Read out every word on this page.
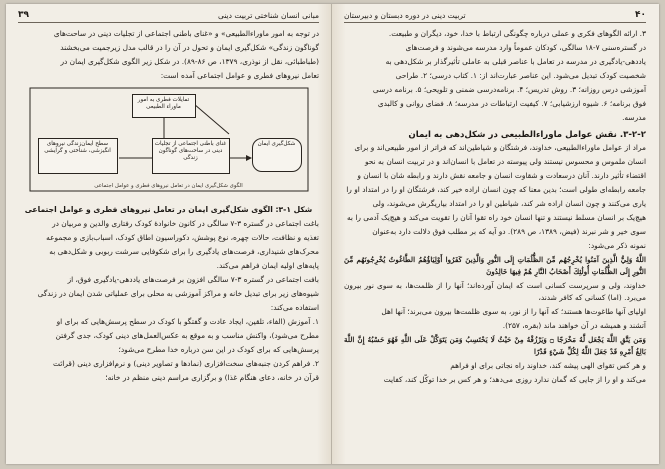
مبانی انسان شناختی تربیت دینی
۳۹

در توجه به امور ماوراءالطبیعی» و «غنای باطنی اجتماعی از تجلیات دینی در ساحت‌های

گوناگون زندگی» شکل‌گیری ایمان و تحول در آن را در قالب مدل زیرجمیت می‌بخشند

(طباطبائی، نقل از نوذری، ۱۳۷۹، ص ۸۶-۸۹). در شکل زیر الگوی شکل‌گیری ایمان در

تعامل نیروهای فطری و عوامل اجتماعی آمده است:

تمایلات فطری به امور ماوراء الطبیعی
شکل‌گیری ایمان
سطح ایمان‌زندگی نیروهای انگیزشی، شناختی و گرایشی
غنای باطنی اجتماعی از تجلیات دینی در ساحت‌های گوناگون زندگی
الگوی شکل‌گیری ایمان در تعامل نیروهای فطری و عوامل اجتماعی
شکل ۱-۳: الگوی شکل‌گیری ایمان در تعامل نیروهای فطری و عوامل اجتماعی

باغت اجتماعی در گستره ۳-۷ سالگی در کانون خانوادهٔ کودک رفتاری والدین و مربیان در

تغذیه و نظافت، حالات چهره، نوع پوشش، دکوراسیون اطاق کودک، اسباب‌بازی و مجموعه

محرک‌های شنیداری، فرصت‌های یادگیری را برای شکوفایی سرشت ربوبی و شکل‌دهی به

پایه‌های اولیه ایمان فراهم می‌کند.

بافت اجتماعی در گستره ۳-۷ سالگی افزون بر فرصت‌های یاددهی-یادگیری فوق، از

شیوه‌های زیر برای تبدیل خانه و مراکز آموزشی به محلی برای عملیاتی شدن ایمان در زندگی

استفاده می‌کند:

۱. آموزش (الفاء، تلقین، ایجاد عادت و گفتگو با کودک در سطح پرسش‌هایی که برای او

مطرح می‌شود)، واکنش مناسب و به موقع به عکس‌العمل‌های دینی کودک، جدی گرفتن

پرسش‌هایی که برای کودک در این سن درباره خدا مطرح می‌شود؛

۲. فراهم کردن جنبه‌های سخت‌افزاری (نمادها و تصاویر دینی) و نرم‌افزاری دینی (قرائت

قرآن در خانه، دعای هنگام غذا) و برگزاری مراسم دینی منظم در خانه؛

۴۰
تربیت دینی در دوره دبستان و دبیرستان

۳. ارائه الگوهای فکری و عملی درباره چگونگی ارتباط با خدا، خود، دیگران و طبیعت.

در گستره‌سنی ۷-۱۸ سالگی، کودکان عموماً وارد مدرسه می‌شوند و فرصت‌های

یاددهی-یادگیری در مدرسه در تعامل با عناصر قبلی به عاملی تأثیرگذار بر شکل‌دهی به

شخصیت کودک تبدیل می‌شود. این عناصر عبارت‌اند از: ۱. کتاب درسی؛ ۲. طراحی

آموزشی درس روزانه؛ ۳. روش تدریس؛ ۴. برنامه‌درسی ضمنی و تلویحی؛ ۵. برنامه درسی

فوق برنامه؛ ۶. شیوه ارزشیابی؛ ۷. کیفیت ارتباطات در مدرسه؛ ۸. فضای روانی و کالبدی

مدرسه.

۳-۲-۲. نقش عوامل ماوراءالطبیعی در شکل‌دهی به ایمان

مراد از عوامل ماوراءالطبیعی، خداوند، فرشتگان و شیاطین‌اند که فراتر از امور طبیعی‌اند و برای

انسان ملموس و محسوس نیستند ولی پیوسته در تعامل با انسان‌اند و در تربیت انسان به نحو

اقتضاء تأثیر دارند. آنان درسعادت و شقاوت انسان و جامعه نقش دارند و رابطه شان با انسان و

جامعه رابطه‌ای طولی است؛ بدین معنا که چون انسان اراده خیر کند، فرشتگان او را در امتداد او را

یاری می‌کنند و چون انسان اراده شر کند، شیاطین او را در امتداد بیاریگرش می‌شوند، ولی

هیچ‌یک بر انسان مسلط نیستند و تنها انسان خود راه تقوا آنان را تقویت می‌کند و هیچ‌یک آدمی را به

سوی خیر و شر نبرند (فیض، ۱۳۸۹، ص ۲۸۹). دو آیه که بر مطلب فوق دلالت دارد به‌عنوان

نمونه ذکر می‌شود:

اللَّهُ وَلِيُّ الَّذِينَ آمَنُوا يُخْرِجُهُم مِّنَ الظُّلُمَاتِ إِلَى النُّورِ وَالَّذِينَ كَفَرُوا أَوْلِيَاؤُهُمُ الطَّاغُوتُ يُخْرِجُونَهُم مِّنَ النُّورِ إِلَى الظُّلُمَاتِ أُولَٰئِكَ أَصْحَابُ النَّارِ هُمْ فِيهَا خَالِدُونَ

خداوند، ولی و سرپرست کسانی است که ایمان آورده‌اند؛ آنها را از ظلمت‌ها، به سوی نور بیرون می‌برد. (اما) کسانی که کافر شدند،

اولیای آنها طاغوت‌ها هستند؛ که آنها را از نور، به سوی ظلمت‌ها بیرون می‌برند؛ آنها اهل

آتشند و همیشه در آن خواهند ماند (بقره، ۲۵۷).

وَمَن يَتَّقِ اللَّهَ يَجْعَل لَّهُ مَخْرَجًا ۝ وَيَرْزُقْهُ مِنْ حَيْثُ لَا يَحْتَسِبُ وَمَن يَتَوَكَّلْ عَلَى اللَّهِ فَهُوَ حَسْبُهُ إِنَّ اللَّهَ بَالِغُ أَمْرِهِ قَدْ جَعَلَ اللَّهُ لِكُلِّ شَيْءٍ قَدْرًا

و هر کس تقوای الهی پیشه کند، خداوند راه نجاتی برای او فراهم

می‌کند و او را از جایی که گمان ندارد روزی می‌دهد؛ و هر کس بر خدا توکّل کند، کفایت
